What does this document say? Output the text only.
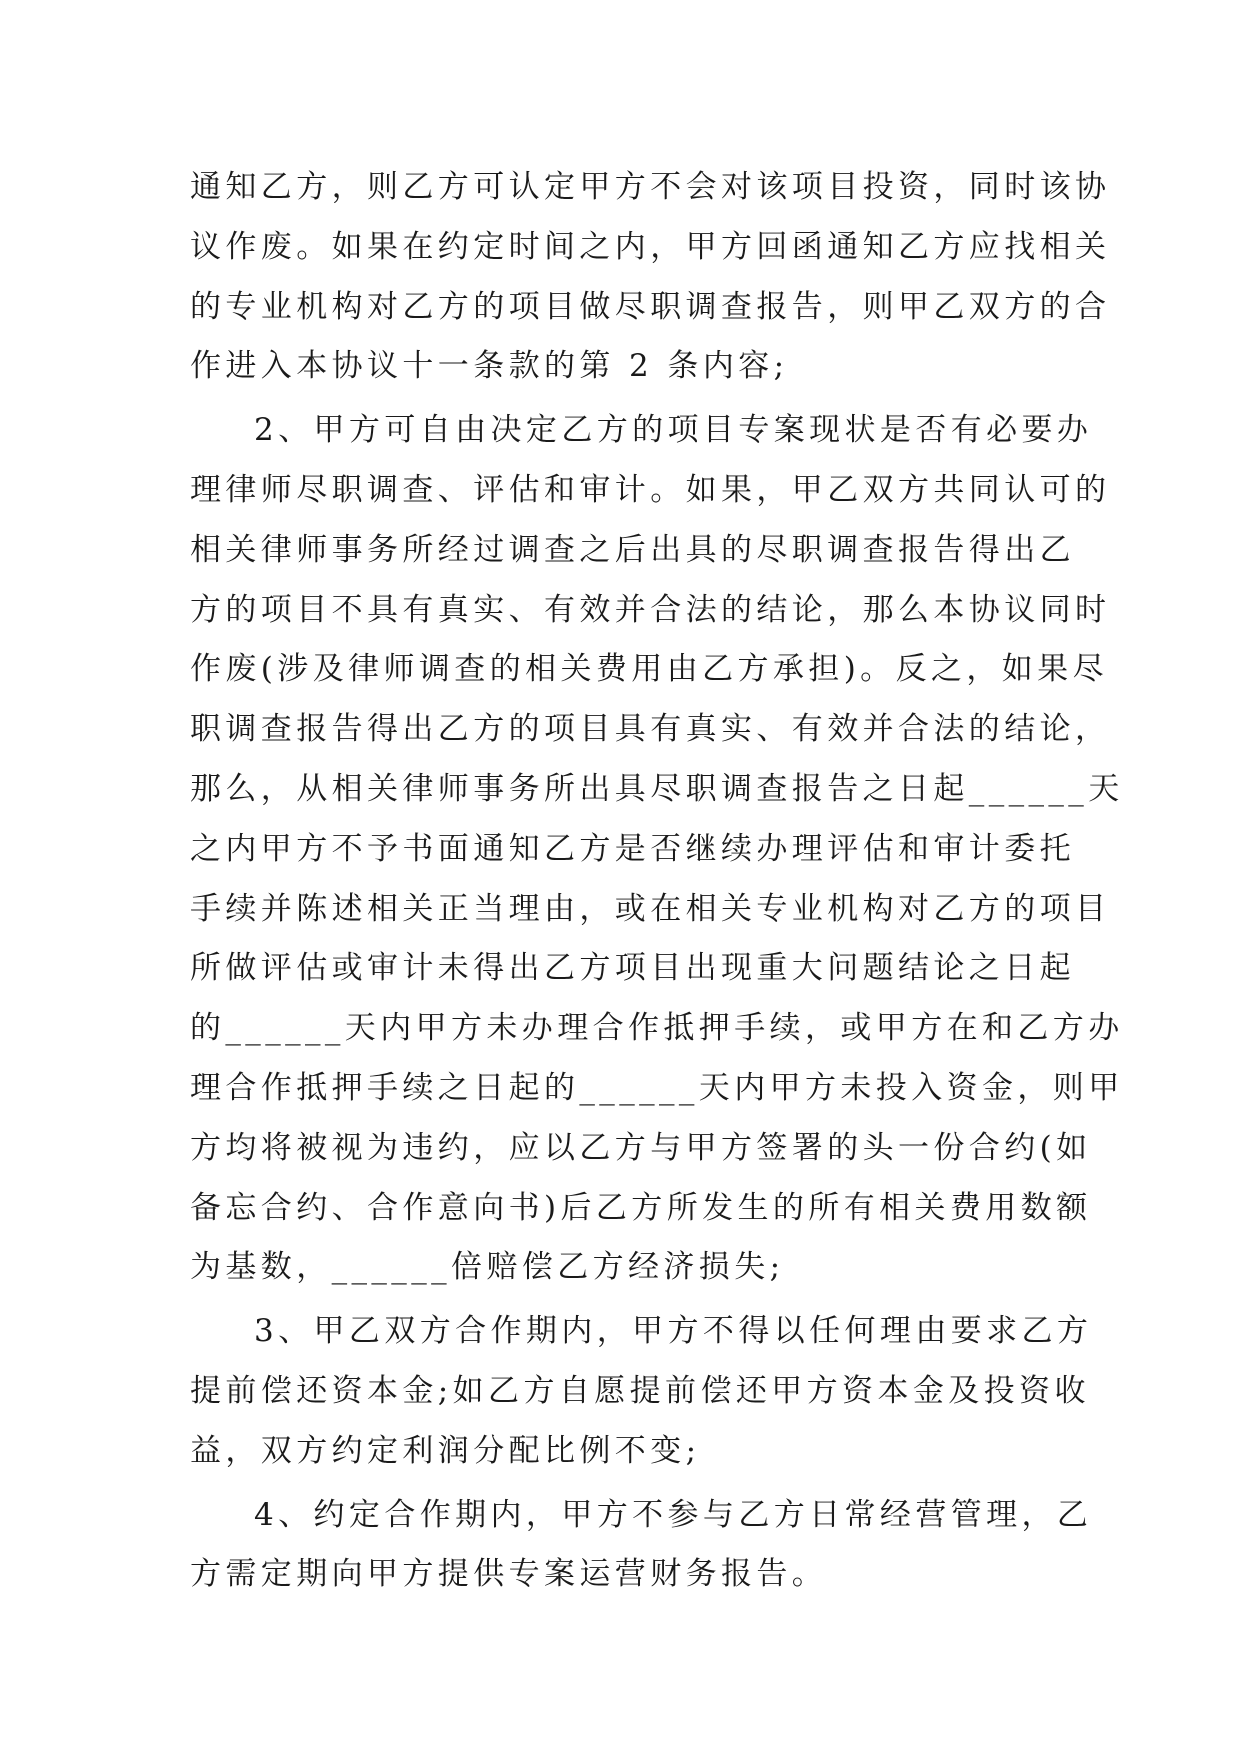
通知乙方，则乙方可认定甲方不会对该项目投资，同时该协
议作废。如果在约定时间之内，甲方回函通知乙方应找相关
的专业机构对乙方的项目做尽职调查报告，则甲乙双方的合
作进入本协议十一条款的第 2 条内容;
2、甲方可自由决定乙方的项目专案现状是否有必要办
理律师尽职调查、评估和审计。如果，甲乙双方共同认可的
相关律师事务所经过调查之后出具的尽职调查报告得出乙
方的项目不具有真实、有效并合法的结论，那么本协议同时
作废(涉及律师调查的相关费用由乙方承担)。反之，如果尽
职调查报告得出乙方的项目具有真实、有效并合法的结论，
那么，从相关律师事务所出具尽职调查报告之日起______天
之内甲方不予书面通知乙方是否继续办理评估和审计委托
手续并陈述相关正当理由，或在相关专业机构对乙方的项目
所做评估或审计未得出乙方项目出现重大问题结论之日起
的______天内甲方未办理合作抵押手续，或甲方在和乙方办
理合作抵押手续之日起的______天内甲方未投入资金，则甲
方均将被视为违约，应以乙方与甲方签署的头一份合约(如
备忘合约、合作意向书)后乙方所发生的所有相关费用数额
为基数，______倍赔偿乙方经济损失;
3、甲乙双方合作期内，甲方不得以任何理由要求乙方
提前偿还资本金;如乙方自愿提前偿还甲方资本金及投资收
益，双方约定利润分配比例不变;
4、约定合作期内，甲方不参与乙方日常经营管理，乙
方需定期向甲方提供专案运营财务报告。
